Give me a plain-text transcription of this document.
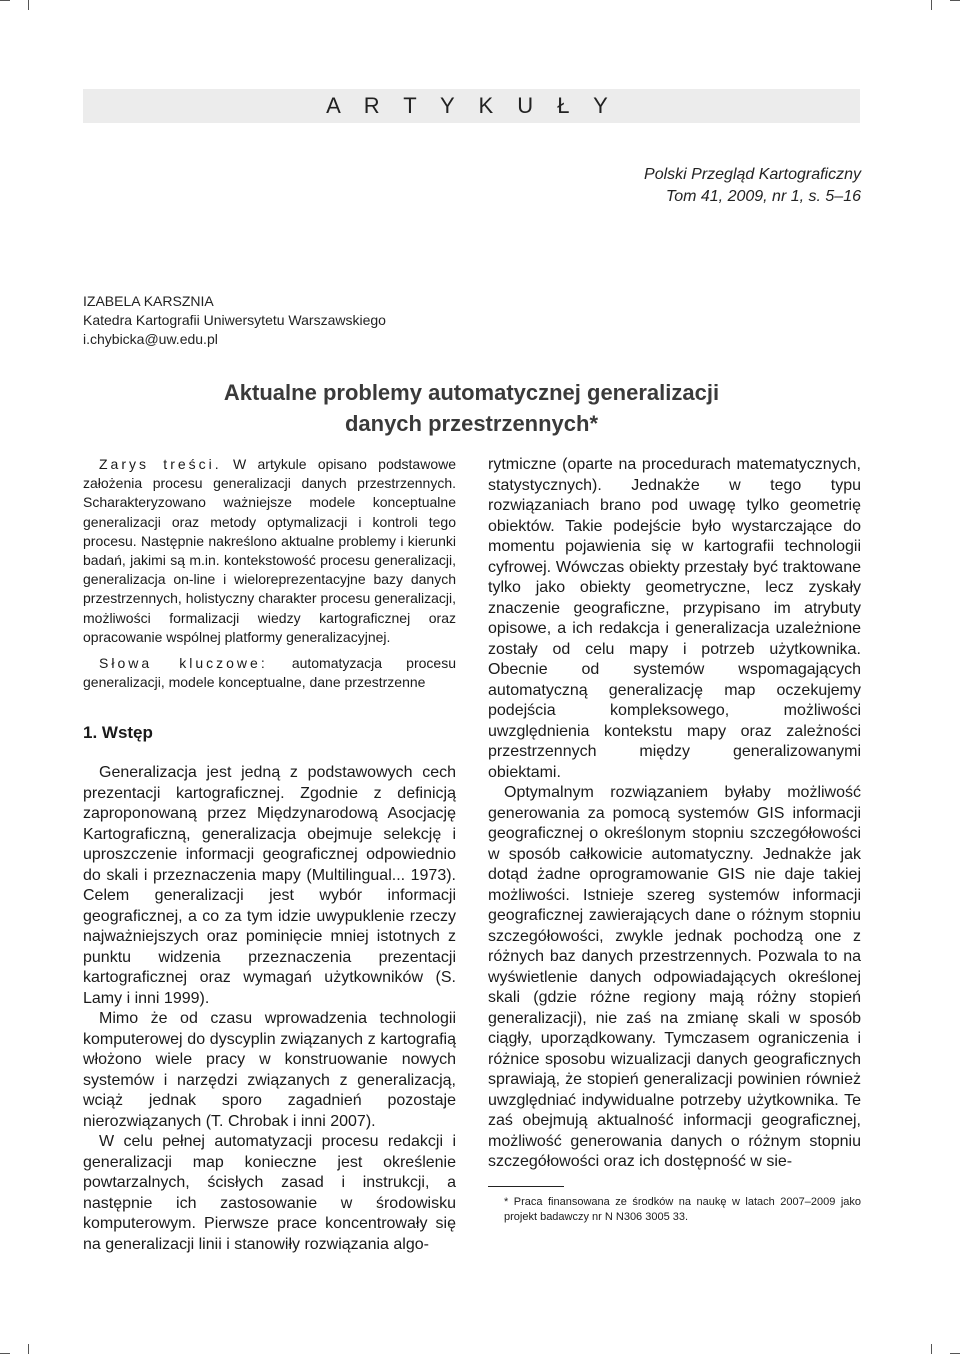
A R T Y K U Ł Y
Polski Przegląd Kartograficzny
Tom 41, 2009, nr 1, s. 5–16
IZABELA KARSZNIA
Katedra Kartografii Uniwersytetu Warszawskiego
i.chybicka@uw.edu.pl
Aktualne problemy automatycznej generalizacji
danych przestrzennych*

Zarys treści. W artykule opisano podstawowe założenia procesu generalizacji danych przestrzennych. Scharakteryzowano ważniejsze modele konceptualne generalizacji oraz metody optymalizacji i kontroli tego procesu. Następnie nakreślono aktualne problemy i kierunki badań, jakimi są m.in. kontekstowość procesu generalizacji, generalizacja on-line i wieloreprezentacyjne bazy danych przestrzennych, holistyczny charakter procesu generalizacji, możliwości formalizacji wiedzy kartograficznej oraz opracowanie wspólnej platformy generalizacyjnej.

Słowa kluczowe: automatyzacja procesu generalizacji, modele konceptualne, dane przestrzenne

1. Wstęp

Generalizacja jest jedną z podstawowych cech prezentacji kartograficznej. Zgodnie z definicją zaproponowaną przez Międzynarodową Asocjację Kartograficzną, generalizacja obejmuje selekcję i uproszczenie informacji geograficznej odpowiednio do skali i przeznaczenia mapy (Multilingual... 1973). Celem generalizacji jest wybór informacji geograficznej, a co za tym idzie uwypuklenie rzeczy najważniejszych oraz pominięcie mniej istotnych z punktu widzenia przeznaczenia prezentacji kartograficznej oraz wymagań użytkowników (S. Lamy i inni 1999).

Mimo że od czasu wprowadzenia technologii komputerowej do dyscyplin związanych z kartografią włożono wiele pracy w konstruowanie nowych systemów i narzędzi związanych z generalizacją, wciąż jednak sporo zagadnień pozostaje nierozwiązanych (T. Chrobak i inni 2007).

W celu pełnej automatyzacji procesu redakcji i generalizacji map konieczne jest określenie powtarzalnych, ścisłych zasad i instrukcji, a następnie ich zastosowanie w środowisku komputerowym. Pierwsze prace koncentrowały się na generalizacji linii i stanowiły rozwiązania algo-

rytmiczne (oparte na procedurach matematycznych, statystycznych). Jednakże w tego typu rozwiązaniach brano pod uwagę tylko geometrię obiektów. Takie podejście było wystarczające do momentu pojawienia się w kartografii technologii cyfrowej. Wówczas obiekty przestały być traktowane tylko jako obiekty geometryczne, lecz zyskały znaczenie geograficzne, przypisano im atrybuty opisowe, a ich redakcja i generalizacja uzależnione zostały od celu mapy i potrzeb użytkownika. Obecnie od systemów wspomagających automatyczną generalizację map oczekujemy podejścia kompleksowego, możliwości uwzględnienia kontekstu mapy oraz zależności przestrzennych między generalizowanymi obiektami.

Optymalnym rozwiązaniem byłaby możliwość generowania za pomocą systemów GIS informacji geograficznej o określonym stopniu szczegółowości w sposób całkowicie automatyczny. Jednakże jak dotąd żadne oprogramowanie GIS nie daje takiej możliwości. Istnieje szereg systemów informacji geograficznej zawierających dane o różnym stopniu szczegółowości, zwykle jednak pochodzą one z różnych baz danych przestrzennych. Pozwala to na wyświetlenie danych odpowiadających określonej skali (gdzie różne regiony mają różny stopień generalizacji), nie zaś na zmianę skali w sposób ciągły, uporządkowany. Tymczasem ograniczenia i różnice sposobu wizualizacji danych geograficznych sprawiają, że stopień generalizacji powinien również uwzględniać indywidualne potrzeby użytkownika. Te zaś obejmują aktualność informacji geograficznej, możliwość generowania danych o różnym stopniu szczegółowości oraz ich dostępność w sie-

* Praca finansowana ze środków na naukę w latach 2007–2009 jako projekt badawczy nr N N306 3005 33.
